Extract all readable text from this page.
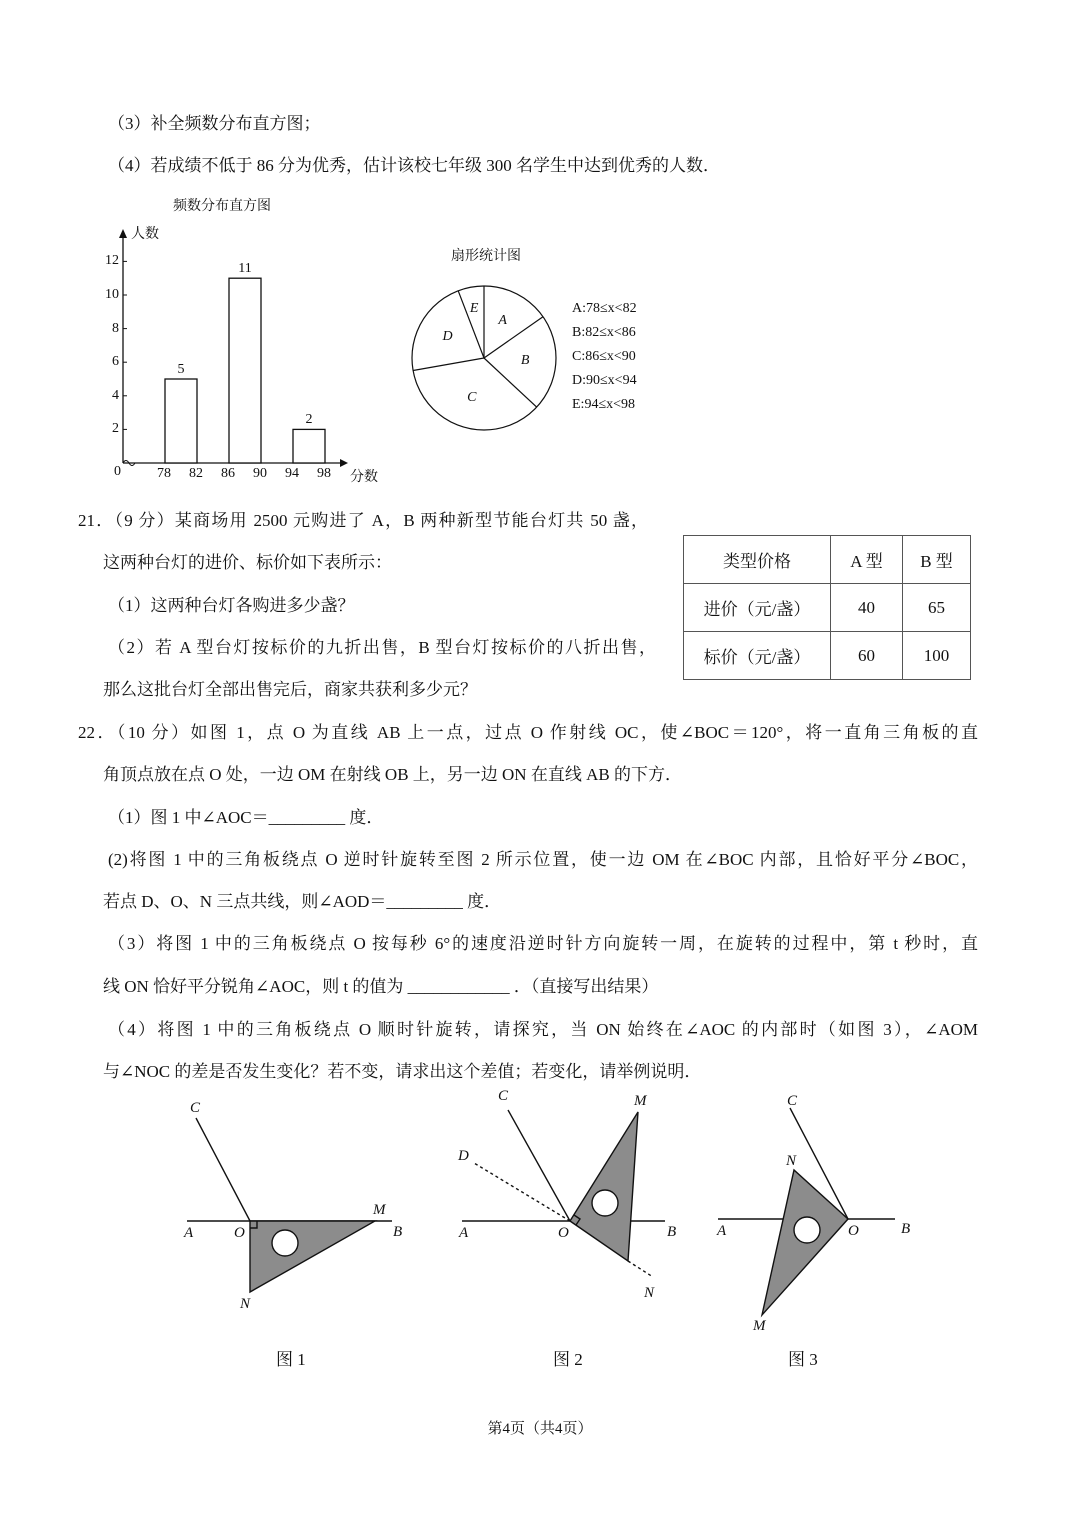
（3）补全频数分布直方图；
（4）若成绩不低于 86 分为优秀，估计该校七年级 300 名学生中达到优秀的人数．
频数分布直方图
人数
分数
0
2
4
6
8
10
12
78 82 86 90 94 98
5
11
2
扇形统计图
A
B
C
D
E	A:78≤x<82
B:82≤x<86
C:86≤x<90
D:90≤x<94
E:94≤x<98
21．（9 分）某商场用 2500 元购进了 A，B 两种新型节能台灯共 50 盏，
这两种台灯的进价、标价如下表所示：
（1）这两种台灯各购进多少盏？
（2）若 A 型台灯按标价的九折出售，B 型台灯按标价的八折出售，
那么这批台灯全部出售完后，商家共获利多少元？
类型价格	A 型	B 型
进价（元/盏）	40	65
标价（元/盏）	60	100
22．（10 分）如图 1，点 O 为直线 AB 上一点，过点 O 作射线 OC，使∠BOC＝120°，将一直角三角板的直
角顶点放在点 O 处，一边 OM 在射线 OB 上，另一边 ON 在直线 AB 的下方．
（1）图 1 中∠AOC＝_________ 度．
(2)将图 1 中的三角板绕点 O 逆时针旋转至图 2 所示位置，使一边 OM 在∠BOC 内部，且恰好平分∠BOC，
若点 D、O、N 三点共线，则∠AOD＝_________ 度．
（3）将图 1 中的三角板绕点 O 按每秒 6°的速度沿逆时针方向旋转一周，在旋转的过程中，第 t 秒时，直
线 ON 恰好平分锐角∠AOC，则 t 的值为 ____________ ．（直接写出结果）
（4）将图 1 中的三角板绕点 O 顺时针旋转，请探究，当 ON 始终在∠AOC 的内部时（如图 3），∠AOM
与∠NOC 的差是否发生变化？若不变，请求出这个差值；若变化，请举例说明．
A	O	B
C
M
N
A	O	B
C	M
N
D
A	O	B
C
M
N
图 1	图 2	图 3
第4页（共4页）
